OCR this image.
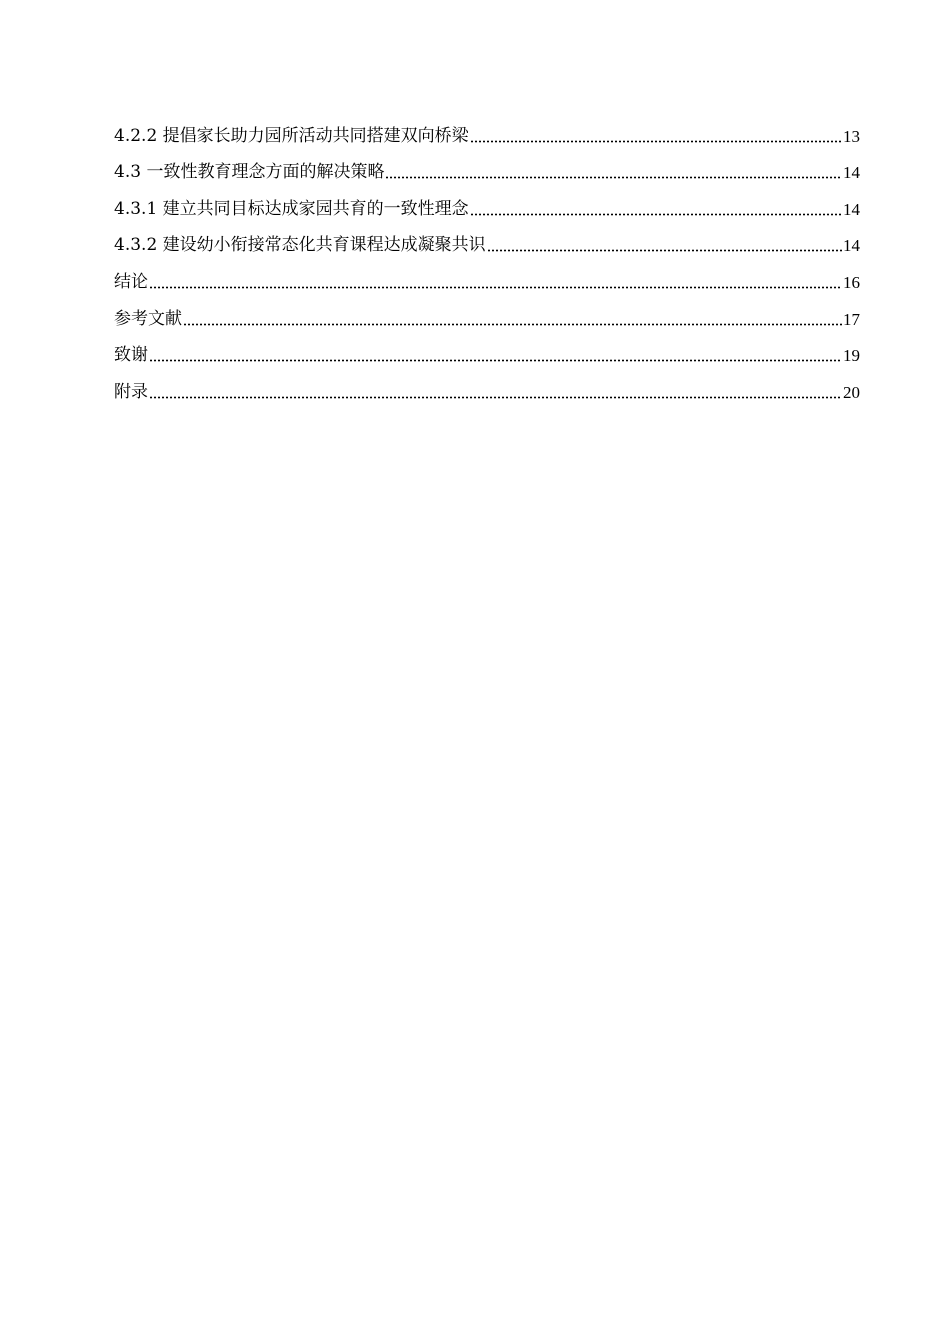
4.2.2 提倡家长助力园所活动共同搭建双向桥梁	13
4.3 一致性教育理念方面的解决策略	14
4.3.1 建立共同目标达成家园共育的一致性理念	14
4.3.2 建设幼小衔接常态化共育课程达成凝聚共识	14
结论	16
参考文献	17
致谢	19
附录	20
